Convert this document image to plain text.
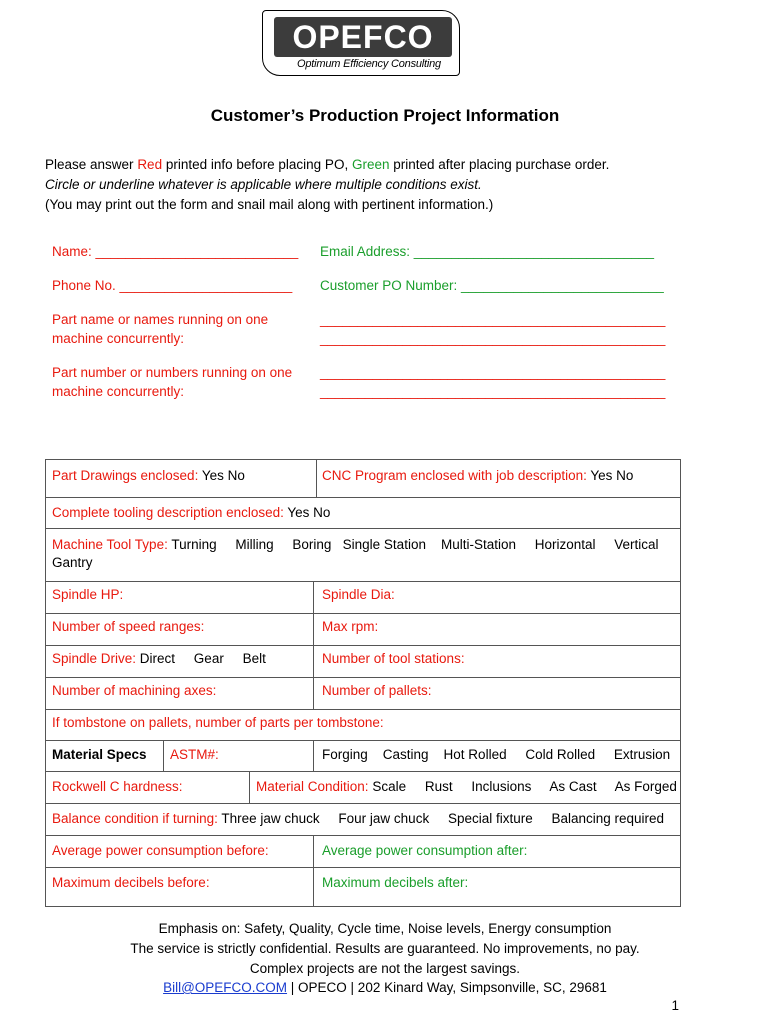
OPEFCO
Optimum Efficiency Consulting
Customer’s Production Project Information
Please answer Red printed info before placing PO, Green printed after placing purchase order.
Circle or underline whatever is applicable where multiple conditions exist.
(You may print out the form and snail mail along with pertinent information.)
Name: ___________________________ Email Address: ________________________________
Phone No. _______________________ Customer PO Number: ___________________________
Part name or names running on one
machine concurrently:
______________________________________________
______________________________________________
Part number or numbers running on one
machine concurrently:
______________________________________________
______________________________________________
Part Drawings enclosed: Yes No	CNC Program enclosed with job description: Yes No
Complete tooling description enclosed: Yes No
Machine Tool Type: Turning     Milling     Boring   Single Station    Multi-Station     Horizontal     Vertical
Gantry
Spindle HP:	Spindle Dia:
Number of speed ranges:	Max rpm:
Spindle Drive: Direct     Gear     Belt	Number of tool stations:
Number of machining axes:	Number of pallets:
If tombstone on pallets, number of parts per tombstone:
Material Specs ASTM#:	Forging    Casting    Hot Rolled     Cold Rolled     Extrusion
Rockwell C hardness:	Material Condition: Scale     Rust     Inclusions     As Cast     As Forged
Balance condition if turning: Three jaw chuck     Four jaw chuck     Special fixture     Balancing required
Average power consumption before:	Average power consumption after:
Maximum decibels before:	Maximum decibels after:
Emphasis on: Safety, Quality, Cycle time, Noise levels, Energy consumption
The service is strictly confidential. Results are guaranteed. No improvements, no pay.
Complex projects are not the largest savings.
Bill@OPEFCO.COM | OPECO | 202 Kinard Way, Simpsonville, SC, 29681
1
